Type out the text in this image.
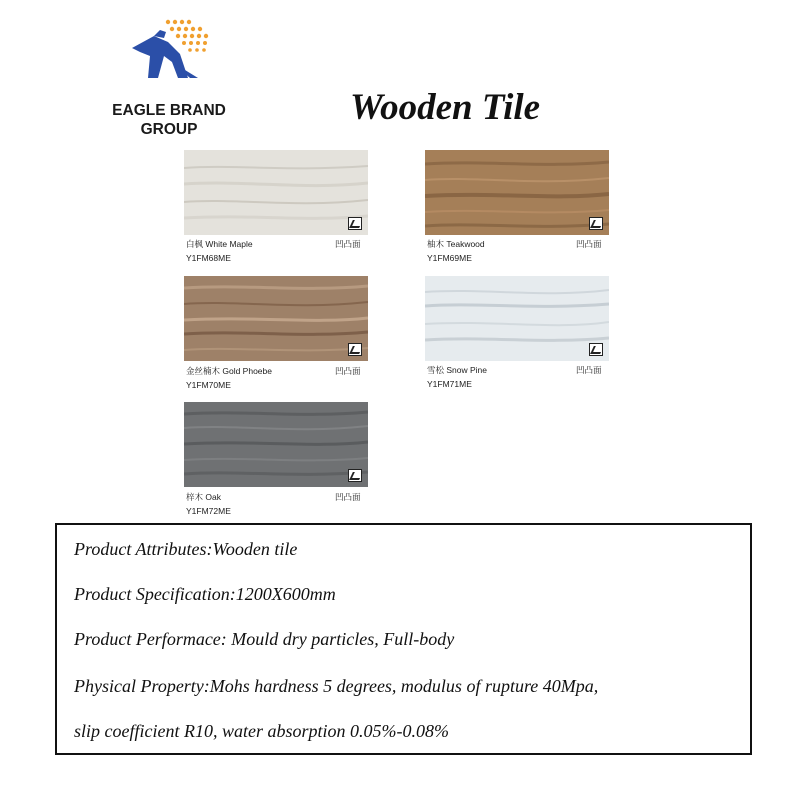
EAGLE BRAND
GROUP
Wooden Tile
白枫 White Maple	凹凸面
Y1FM68ME
柚木 Teakwood	凹凸面
Y1FM69ME
金丝楠木 Gold Phoebe	凹凸面
Y1FM70ME
雪松 Snow Pine	凹凸面
Y1FM71ME
梓木 Oak	凹凸面
Y1FM72ME
Product Attributes:Wooden tile
Product Specification:1200X600mm
Product Performace: Mould dry particles, Full-body
Physical Property:Mohs hardness 5 degrees, modulus of rupture 40Mpa,
slip coefficient R10, water absorption 0.05%-0.08%
